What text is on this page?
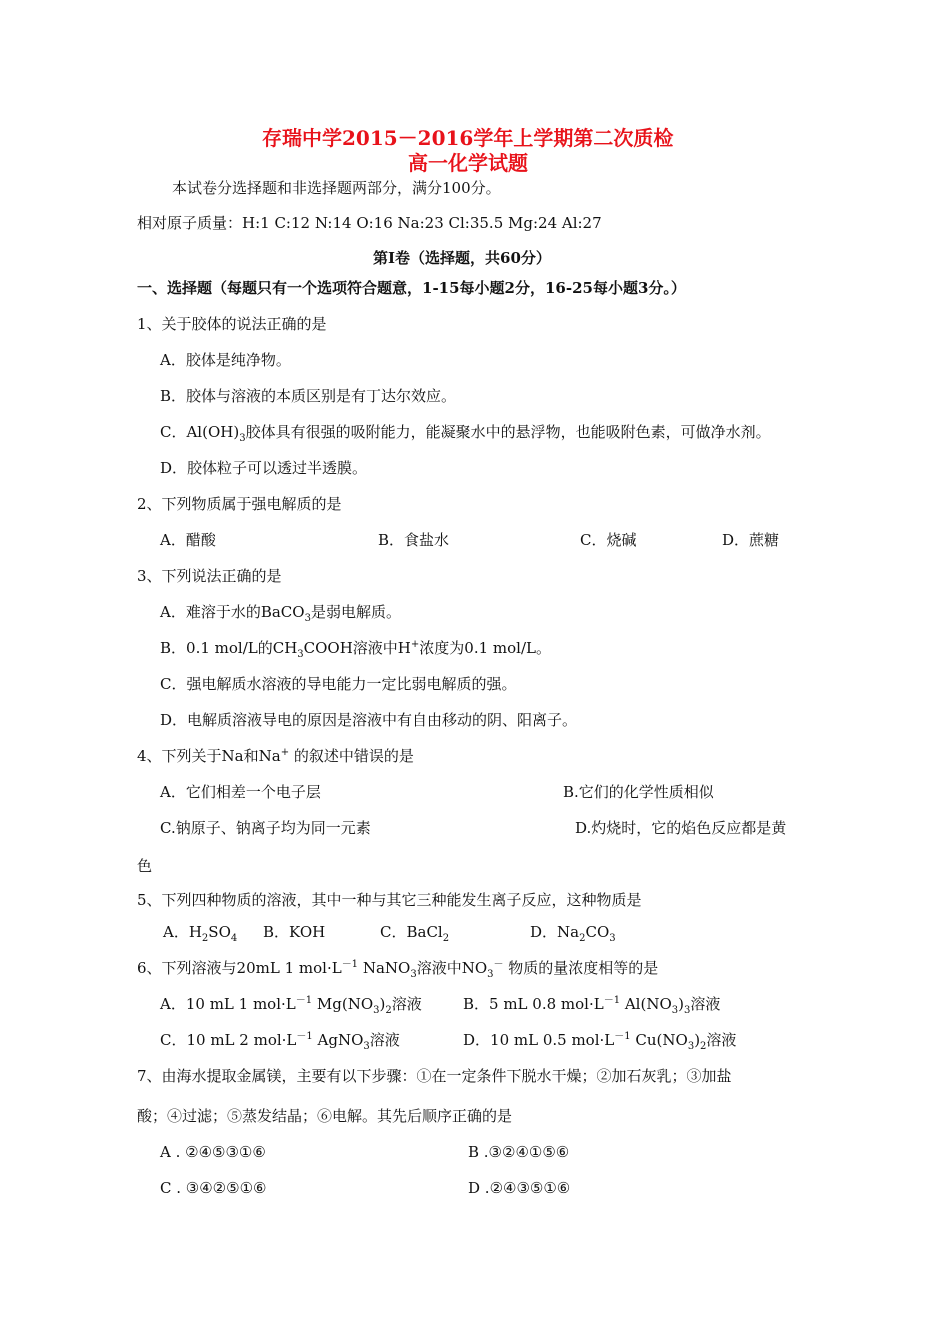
存瑞中学2015－2016学年上学期第二次质检
高一化学试题
本试卷分选择题和非选择题两部分，满分100分。
相对原子质量：H:1 C:12 N:14 O:16 Na:23 Cl:35.5 Mg:24 Al:27
第Ⅰ卷（选择题，共60分）
一、选择题（每题只有一个选项符合题意，1-15每小题2分，16-25每小题3分。）
1、关于胶体的说法正确的是
A．胶体是纯净物。
B．胶体与溶液的本质区别是有丁达尔效应。
C．$Al(OH)_3$胶体具有很强的吸附能力，能凝聚水中的悬浮物，也能吸附色素，可做净水剂。
D．胶体粒子可以透过半透膜。
2、下列物质属于强电解质的是
A．醋酸	B．食盐水	C．烧碱	D．蔗糖
3、下列说法正确的是
A．难溶于水的BaCO$_3$是弱电解质。
B．0.1 mol/L的$CH_3COOH$溶液中H+浓度为0.1 mol/L。
C．强电解质水溶液的导电能力一定比弱电解质的强。
D．电解质溶液导电的原因是溶液中有自由移动的阴、阳离子。
4、下列关于Na和Na+ 的叙述中错误的是
A．它们相差一个电子层	B.它们的化学性质相似
C.钠原子、钠离子均为同一元素	D.灼烧时，它的焰色反应都是黄
色
5、下列四种物质的溶液，其中一种与其它三种能发生离子反应，这种物质是
A．$H_2SO_4$ B．KOH	C．BaCl$_2$	D．$Na_2CO_3$
6、下列溶液与20mL 1 $mol\cdot L^{-1}$ NaNO$_3$溶液中$NO_3^-$ 物质的量浓度相等的是
A．10 mL 1 $mol\cdot L^{-1}$ $Mg(NO_3)_2$溶液	B．5 mL 0.8 $mol\cdot L^{-1}$ $Al(NO_3)_3$溶液
C．10 mL 2 $mol\cdot L^{-1}$ AgNO$_3$溶液	D．10 mL 0.5 $mol\cdot L^{-1}$ $Cu(NO_3)_2$溶液
7、由海水提取金属镁，主要有以下步骤：①在一定条件下脱水干燥；②加石灰乳；③加盐
酸；④过滤；⑤蒸发结晶；⑥电解。其先后顺序正确的是
A . ②④⑤③①⑥	B .③②④①⑤⑥
C . ③④②⑤①⑥	D .②④③⑤①⑥
